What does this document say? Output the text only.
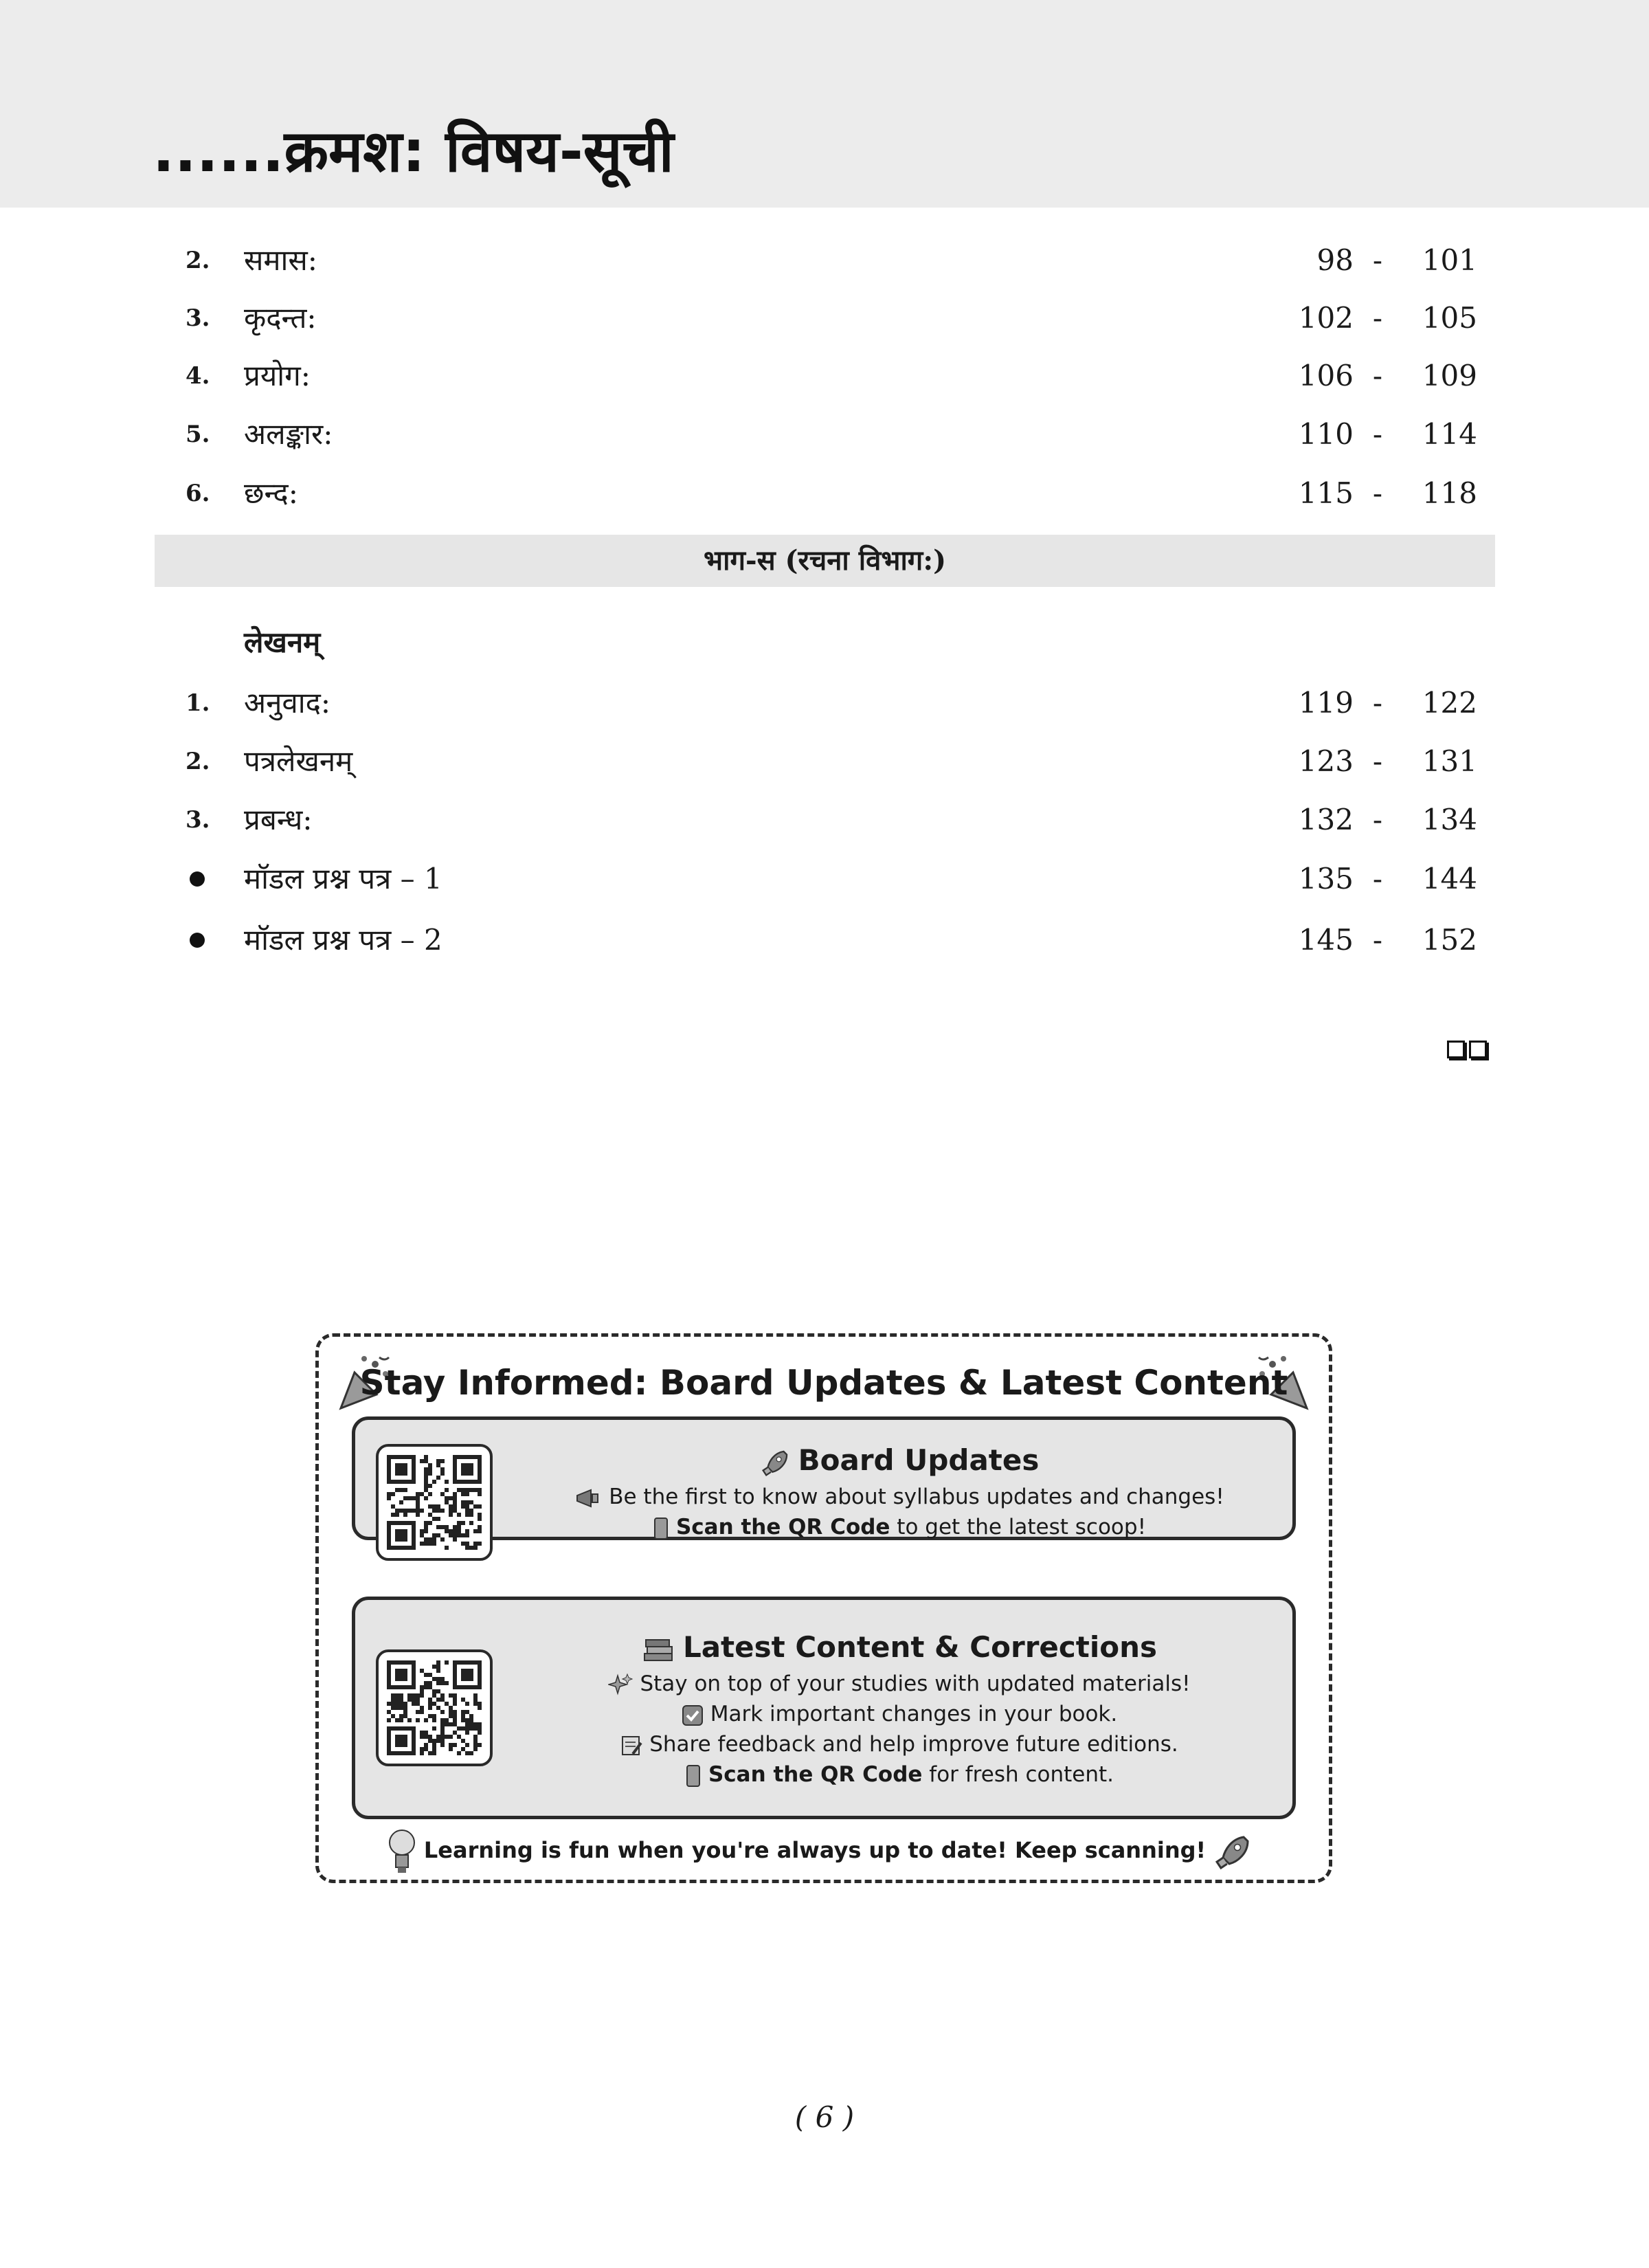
......क्रमश: विषय-सूची
2. समास:	98 - 101
3. कृदन्त:	102 - 105
4. प्रयोग:	106 - 109
5. अलङ्कार:	110 - 114
6. छन्द:	115 - 118
भाग-स (रचना विभाग:)
लेखनम्
1. अनुवाद:	119 - 122
2. पत्रलेखनम्	123 - 131
3. प्रबन्ध:	132 - 134
मॉडल प्रश्न पत्र – 1	135 - 144
मॉडल प्रश्न पत्र – 2	145 - 152
Stay Informed: Board Updates & Latest Content
Board Updates
Be the first to know about syllabus updates and changes!
Scan the QR Code to get the latest scoop!
Latest Content & Corrections
Stay on top of your studies with updated materials!
Mark important changes in your book.
Share feedback and help improve future editions.
Scan the QR Code for fresh content.
Learning is fun when you're always up to date! Keep scanning!
( 6 )
